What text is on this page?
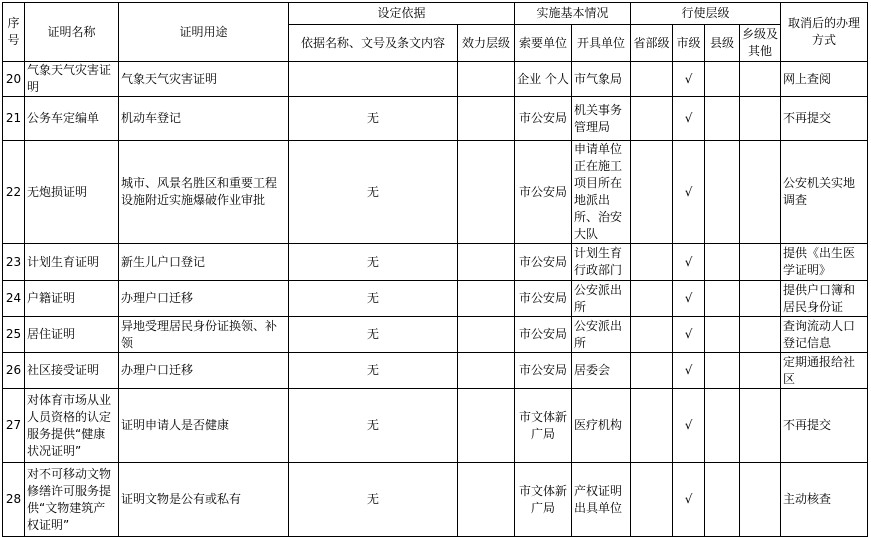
序号	证明名称	证明用途	设定依据		实施基本情况		行使层级				取消后的办理方式
			依据名称、文号及条文内容	效力层级	索要单位	开具单位	省部级	市级	县级	乡级及其他	
20	气象天气灾害证明	气象天气灾害证明			企业 个人	市气象局		√			网上查阅
21	公务车定编单	机动车登记	无		市公安局	机关事务管理局		√			不再提交
22	无炮损证明	城市、风景名胜区和重要工程设施附近实施爆破作业审批	无		市公安局	申请单位正在施工项目所在地派出所、治安大队		√			公安机关实地调查
23	计划生育证明	新生儿户口登记	无		市公安局	计划生育行政部门		√			提供《出生医学证明》
24	户籍证明	办理户口迁移	无		市公安局	公安派出所		√			提供户口簿和居民身份证
25	居住证明	异地受理居民身份证换领、补领	无		市公安局	公安派出所		√			查询流动人口登记信息
26	社区接受证明	办理户口迁移	无		市公安局	居委会		√			定期通报给社区
27	对体育市场从业人员资格的认定服务提供“健康状况证明”	证明申请人是否健康	无		市文体新广局	医疗机构		√			不再提交
28	对不可移动文物修缮许可服务提供“文物建筑产权证明”	证明文物是公有或私有	无		市文体新广局	产权证明出具单位		√			主动核查
